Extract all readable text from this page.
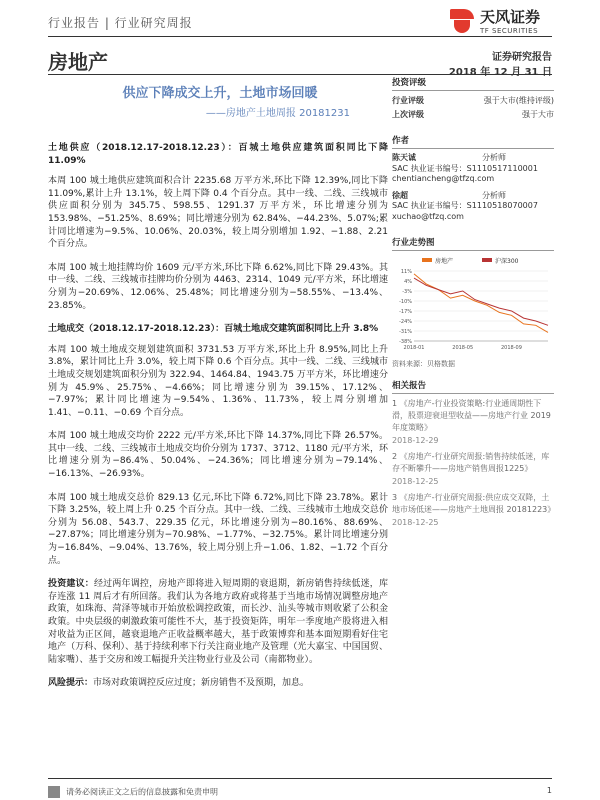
行业报告 | 行业研究周报	天风证券
TF SECURITIES
房地产	证券研究报告
2018 年 12 月 31 日
供应下降成交上升，土地市场回暖
——房地产土地周报 20181231

土地供应（2018.12.17-2018.12.23）：百城土地供应建筑面积同比下降 11.09%

本周 100 城土地供应建筑面积合计 2235.68 万平方米,环比下降 12.39%,同比下降 11.09%,累计上升 13.1%，较上周下降 0.4 个百分点。其中一线、二线、三线城市供应面积分别为 345.75、598.55、1291.37 万平方米，环比增速分别为 153.98%、−51.25%、8.69%；同比增速分别为 62.84%、−44.23%、5.07%;累计同比增速为−9.5%、10.06%、20.03%，较上周分别增加 1.92、−1.88、2.21 个百分点。

本周 100 城土地挂牌均价 1609 元/平方米,环比下降 6.62%,同比下降 29.43%。其中一线、二线、三线城市挂牌均价分别为 4463、2314、1049 元/平方米，环比增速分别为−20.69%、12.06%、25.48%；同比增速分别为−58.55%、−13.4%、23.85%。

土地成交（2018.12.17-2018.12.23）：百城土地成交建筑面积同比上升 3.8%

本周 100 城土地成交规划建筑面积 3731.53 万平方米,环比上升 8.95%,同比上升 3.8%，累计同比上升 3.0%，较上周下降 0.6 个百分点。其中一线、二线、三线城市土地成交规划建筑面积分别为 322.94、1464.84、1943.75 万平方米，环比增速分别为 45.9%、25.75%、−4.66%；同比增速分别为 39.15%、17.12%、−7.97%；累计同比增速为−9.54%、1.36%、11.73%，较上周分别增加 1.41、−0.11、−0.69 个百分点。

本周 100 城土地成交均价 2222 元/平方米,环比下降 14.37%,同比下降 26.57%。其中一线、二线、三线城市土地成交均价分别为 1737、3712、1180 元/平方米，环比增速分别为−86.4%、50.04%、−24.36%；同比增速分别为−79.14%、−16.13%、−26.93%。

本周 100 城土地成交总价 829.13 亿元,环比下降 6.72%,同比下降 23.78%。累计下降 3.25%，较上周上升 0.25 个百分点。其中一线、二线、三线城市土地成交总价分别为 56.08、543.7、229.35 亿元，环比增速分别为−80.16%、88.69%、−27.87%；同比增速分别为−70.98%、−1.77%、−32.75%。累计同比增速分别为−16.84%、−9.04%、13.76%，较上周分别上升−1.06、1.82、−1.72 个百分点。

投资建议：经过两年调控，房地产即将进入短周期的衰退期，新房销售持续低迷，库存连涨 11 周后才有所回落。我们认为各地方政府或将基于当地市场情况调整房地产政策，如珠海、菏泽等城市开始放松调控政策，而长沙、汕头等城市则收紧了公积金政策。中央层级的刺激政策可能性不大，基于投资矩阵，明年一季度地产股将进入相对收益为正区间，越衰退地产正收益概率越大，基于政策博弈和基本面短期看好住宅地产（万科、保利）、基于持续利率下行关注商业地产及管理（光大嘉宝、中国国贸、陆家嘴）、基于交房和竣工幅提升关注物业行业及公司（南都物业）。

风险提示：市场对政策调控反应过度；新房销售不及预期，加息。

投资评级
行业评级	强于大市(维持评级)
上次评级	强于大市
作者
陈天诚	分析师
SAC 执业证书编号：S1110517110001
chentiancheng@tfzq.com
徐超	分析师
SAC 执业证书编号：S1110518070007
xuchao@tfzq.com
行业走势图
房地产	沪深300
11%
4%
-3%
-10%
-17%
-24%
-31%
-38%
2018-01	2018-05	2018-09
资料来源：贝格数据
相关报告
1 《房地产-行业投资策略:行业通周期性下滑，股票迎衰退型收益——房地产行业 2019 年度策略》
2018-12-29
2 《房地产-行业研究周报:销售持续低迷，库存不断攀升——房地产销售周报1225》
2018-12-25
3 《房地产-行业研究周报:供应成交双降，土地市场低迷——房地产土地周报 20181223》
2018-12-25
请务必阅读正文之后的信息披露和免责申明	1
